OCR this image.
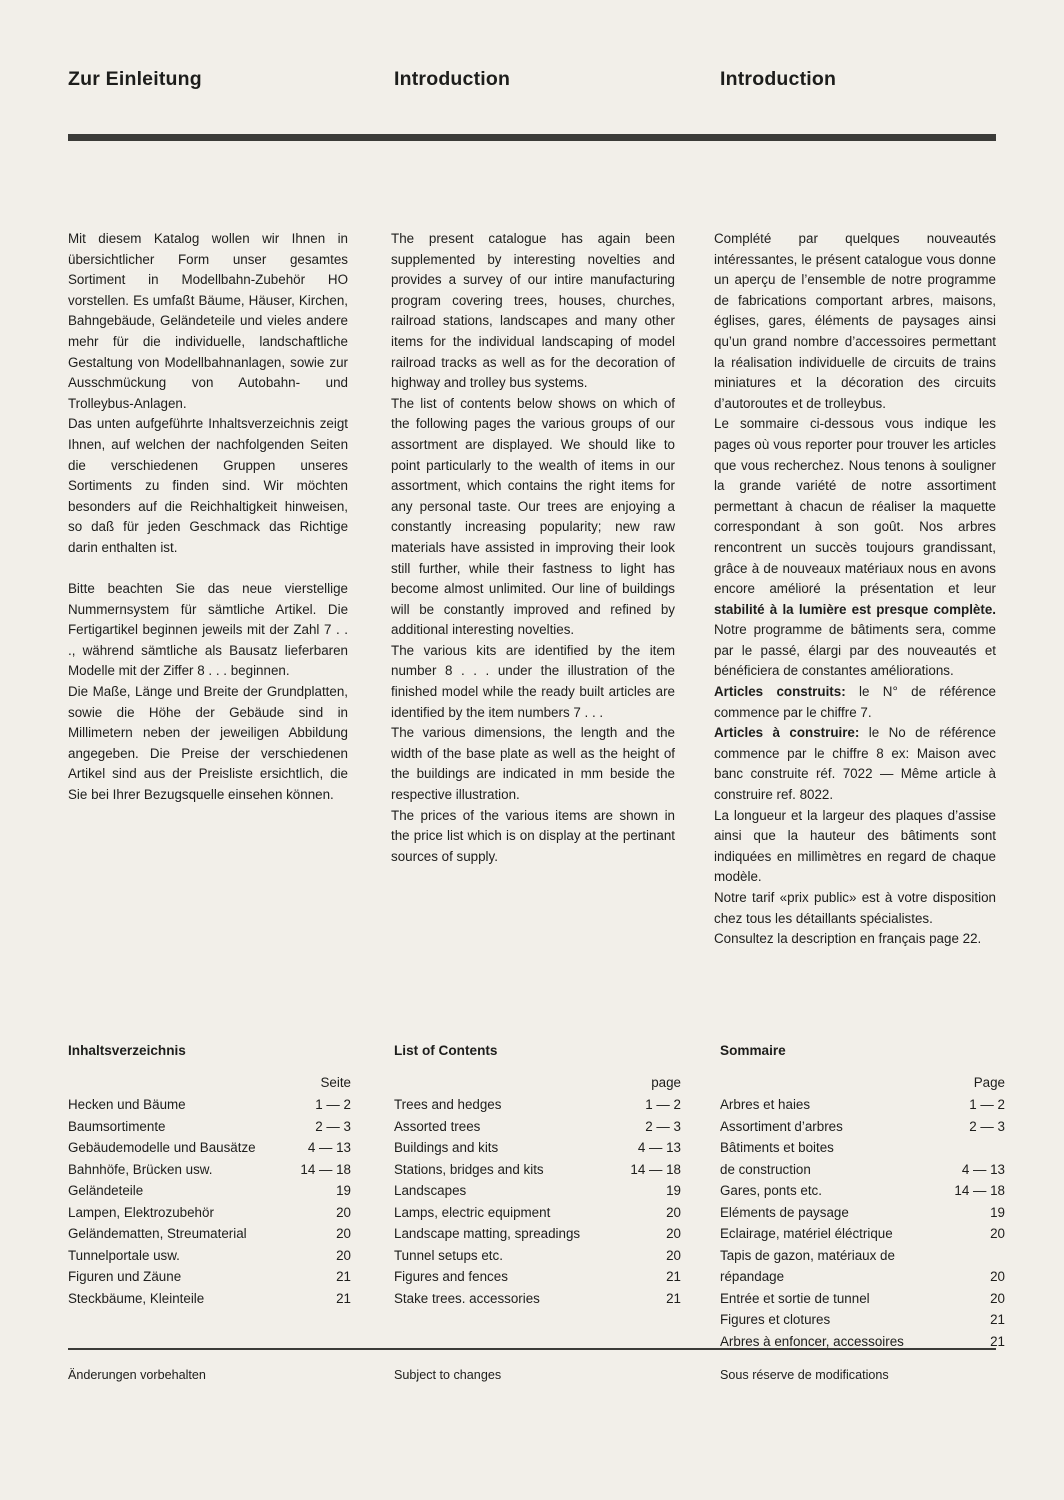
Zur Einleitung	Introduction	Introduction

Mit diesem Katalog wollen wir Ihnen in übersichtlicher Form unser gesamtes Sortiment in Modellbahn-Zubehör HO vorstellen. Es umfaßt Bäume, Häuser, Kirchen, Bahngebäude, Geländeteile und vieles andere mehr für die individuelle, landschaftliche Gestaltung von Modellbahnanlagen, sowie zur Ausschmückung von Autobahn- und Trolleybus-Anlagen.

Das unten aufgeführte Inhaltsverzeichnis zeigt Ihnen, auf welchen der nachfolgenden Seiten die verschiedenen Gruppen unseres Sortiments zu finden sind. Wir möchten besonders auf die Reichhaltigkeit hinweisen, so daß für jeden Geschmack das Richtige darin enthalten ist.

Bitte beachten Sie das neue vierstellige Nummernsystem für sämtliche Artikel. Die Fertigartikel beginnen jeweils mit der Zahl 7 . . ., während sämtliche als Bausatz lieferbaren Modelle mit der Ziffer 8 . . . beginnen.

Die Maße, Länge und Breite der Grundplatten, sowie die Höhe der Gebäude sind in Millimetern neben der jeweiligen Abbildung angegeben. Die Preise der verschiedenen Artikel sind aus der Preisliste ersichtlich, die Sie bei Ihrer Bezugsquelle einsehen können.

The present catalogue has again been supplemented by interesting novelties and provides a survey of our intire manufacturing program covering trees, houses, churches, railroad stations, landscapes and many other items for the individual landscaping of model railroad tracks as well as for the decoration of highway and trolley bus systems.

The list of contents below shows on which of the following pages the various groups of our assortment are displayed. We should like to point particularly to the wealth of items in our assortment, which contains the right items for any personal taste. Our trees are enjoying a constantly increasing popularity; new raw materials have assisted in improving their look still further, while their fastness to light has become almost unlimited. Our line of buildings will be constantly improved and refined by additional interesting novelties.

The various kits are identified by the item number 8 . . . under the illustration of the finished model while the ready built articles are identified by the item numbers 7 . . .

The various dimensions, the length and the width of the base plate as well as the height of the buildings are indicated in mm beside the respective illustration.

The prices of the various items are shown in the price list which is on display at the pertinant sources of supply.

Complété par quelques nouveautés intéressantes, le présent catalogue vous donne un aperçu de l’ensemble de notre programme de fabrications comportant arbres, maisons, églises, gares, éléments de paysages ainsi qu’un grand nombre d’accessoires permettant la réalisation individuelle de circuits de trains miniatures et la décoration des circuits d’autoroutes et de trolleybus.

Le sommaire ci-dessous vous indique les pages où vous reporter pour trouver les articles que vous recherchez. Nous tenons à souligner la grande variété de notre assortiment permettant à chacun de réaliser la maquette correspondant à son goût. Nos arbres rencontrent un succès toujours grandissant, grâce à de nouveaux matériaux nous en avons encore amélioré la présentation et leur stabilité à la lumière est presque complète. Notre programme de bâtiments sera, comme par le passé, élargi par des nouveautés et bénéficiera de constantes améliorations.

Articles construits: le N° de référence commence par le chiffre 7.

Articles à construire: le No de référence commence par le chiffre 8 ex: Maison avec banc construite réf. 7022 — Même article à construire ref. 8022.

La longueur et la largeur des plaques d’assise ainsi que la hauteur des bâtiments sont indiquées en millimètres en regard de chaque modèle.

Notre tarif «prix public» est à votre disposition chez tous les détaillants spécialistes.

Consultez la description en français page 22.

Inhaltsverzeichnis
Seite
Hecken und Bäume	1 — 2
Baumsortimente	2 — 3
Gebäudemodelle und Bausätze	4 — 13
Bahnhöfe, Brücken usw.	14 — 18
Geländeteile	19
Lampen, Elektrozubehör	20
Geländematten, Streumaterial	20
Tunnelportale usw.	20
Figuren und Zäune	21
Steckbäume, Kleinteile	21
List of Contents
page
Trees and hedges	1 — 2
Assorted trees	2 — 3
Buildings and kits	4 — 13
Stations, bridges and kits	14 — 18
Landscapes	19
Lamps, electric equipment	20
Landscape matting, spreadings	20
Tunnel setups etc.	20
Figures and fences	21
Stake trees. accessories	21
Sommaire
Page
Arbres et haies	1 — 2
Assortiment d’arbres	2 — 3
Bâtiments et boites
de construction	4 — 13
Gares, ponts etc.	14 — 18
Eléments de paysage	19
Eclairage, matériel éléctrique	20
Tapis de gazon, matériaux de
répandage	20
Entrée et sortie de tunnel	20
Figures et clotures	21
Arbres à enfoncer, accessoires	21
Änderungen vorbehalten	Subject to changes	Sous réserve de modifications
